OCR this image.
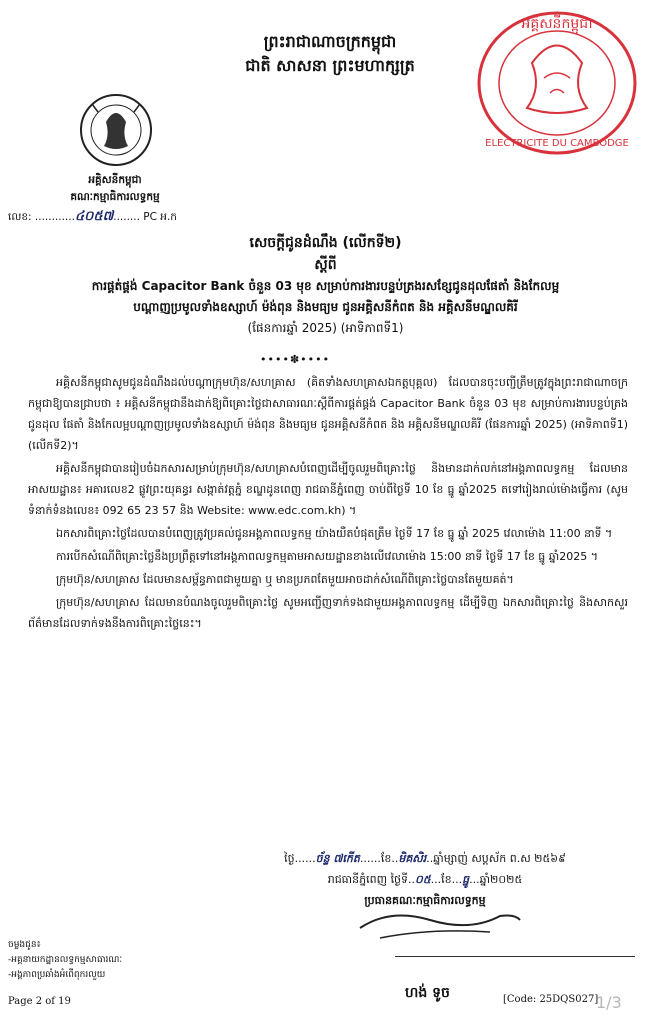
ព្រះរាជាណាចក្រកម្ពុជា
ជាតិ សាសនា ព្រះមហាក្សត្រ
អគ្គិសនីកម្ពុជា
ELECTRICITE DU CAMBODGE
អគ្គិសនីកម្ពុជា
គណៈកម្មាធិការលទ្ធកម្ម
លេខ: ............៤០៥៧........ PC អ.ក
សេចក្តីជូនដំណឹង (លើកទី២)
ស្តីពី
ការផ្គត់ផ្គង់ Capacitor Bank ចំនួន 03 មុខ សម្រាប់ការងារបន្ទប់ត្រងរសខ្សែជូនដុលផែតាំ និងកែលម្អ
បណ្តាញប្រមូលទាំងឧស្សាហ៍ ម៉ង់ពុន និងមធ្យម ជូនអគ្គិសនីកំពត និង អគ្គិសនីមណ្ឌលគិរី
(ផែនការឆ្នាំ 2025) (អាទិភាពទី1)
••••✽••••

អគ្គិសនីកម្ពុជាសូមជូនដំណឹងដល់បណ្តាក្រុមហ៊ុន/សហគ្រាស (គិតទាំងសហគ្រាសឯកត្តបុគ្គល) ដែលបានចុះបញ្ជីត្រឹមត្រូវក្នុងព្រះរាជាណាចក្រកម្ពុជាឱ្យបានជ្រាបថា ៖ អគ្គិសនីកម្ពុជានឹងដាក់ឱ្យពិគ្រោះថ្លៃជាសាធារណៈស្តីពីការផ្គត់ផ្គង់ Capacitor Bank ចំនួន 03 មុខ សម្រាប់ការងារបន្ទប់ត្រង ជូនដុល ផែតាំ និងកែលម្អបណ្តាញប្រមូលទាំងឧស្សាហ៍ ម៉ង់ពុន និងមធ្យម ជូនអគ្គិសនីកំពត និង អគ្គិសនីមណ្ឌលគិរី (ផែនការឆ្នាំ 2025) (អាទិភាពទី1) (លើកទី2)។

អគ្គិសនីកម្ពុជាបានរៀបចំឯកសារសម្រាប់ក្រុមហ៊ុន/សហគ្រាសបំពេញដើម្បីចូលរួមពិគ្រោះថ្លៃ និងមានដាក់លក់នៅអង្គភាពលទ្ធកម្ម ដែលមានអាសយដ្ឋាន៖ អគារលេខ2 ផ្លូវព្រះយុគន្ធរ សង្កាត់វត្តភ្នំ ខណ្ឌដូនពេញ រាជធានីភ្នំពេញ ចាប់ពីថ្ងៃទី 10 ខែ ធ្នូ ឆ្នាំ2025 តទៅរៀងរាល់ម៉ោងធ្វើការ (សូមទំនាក់ទំនងលេខ៖ 092 65 23 57 និង Website: www.edc.com.kh) ។

ឯកសារពិគ្រោះថ្លៃដែលបានបំពេញត្រូវប្រគល់ជូនអង្គភាពលទ្ធកម្ម យ៉ាងយឺតបំផុតត្រឹម ថ្ងៃទី 17 ខែ ធ្នូ ឆ្នាំ 2025 វេលាម៉ោង 11:00 នាទី ។

ការបើកសំណើពិគ្រោះថ្លៃនឹងប្រព្រឹត្តទៅនៅអង្គភាពលទ្ធកម្មតាមអាសយដ្ឋានខាងលើវេលាម៉ោង 15:00 នាទី ថ្ងៃទី 17 ខែ ធ្នូ ឆ្នាំ2025 ។

ក្រុមហ៊ុន/សហគ្រាស ដែលមានសម្ព័ន្ធភាពជាមួយគ្នា ឬ មានប្រភពតែមួយអាចដាក់សំណើពិគ្រោះថ្លៃបានតែមួយគត់។

ក្រុមហ៊ុន/សហគ្រាស ដែលមានបំណងចូលរួមពិគ្រោះថ្លៃ សូមអញ្ជើញទាក់ទងជាមួយអង្គភាពលទ្ធកម្ម ដើម្បីទិញ ឯកសារពិគ្រោះថ្លៃ និងសាកសួរព័ត៌មានដែលទាក់ទងនឹងការពិគ្រោះថ្លៃនេះ។

ថ្ងៃ......ច័ន្ទ ៧កើត......ខែ..មិគសិរ..ឆ្នាំម្សាញ់ សប្តស័ក ព.ស ២៥៦៩
រាជធានីភ្នំពេញ ថ្ងៃទី..០៥...ខែ...ធ្នូ...ឆ្នាំ២០២៥
ប្រធានគណៈកម្មាធិការលទ្ធកម្ម
ហង់ ទូច
ចម្លងជូន៖
-អគ្គនាយកដ្ឋានលទ្ធកម្មសាធារណៈ
-អង្គភាពប្រឆាំងអំពើពុករលួយ
Page 2 of 19	[Code: 25DQS027]
1/3
